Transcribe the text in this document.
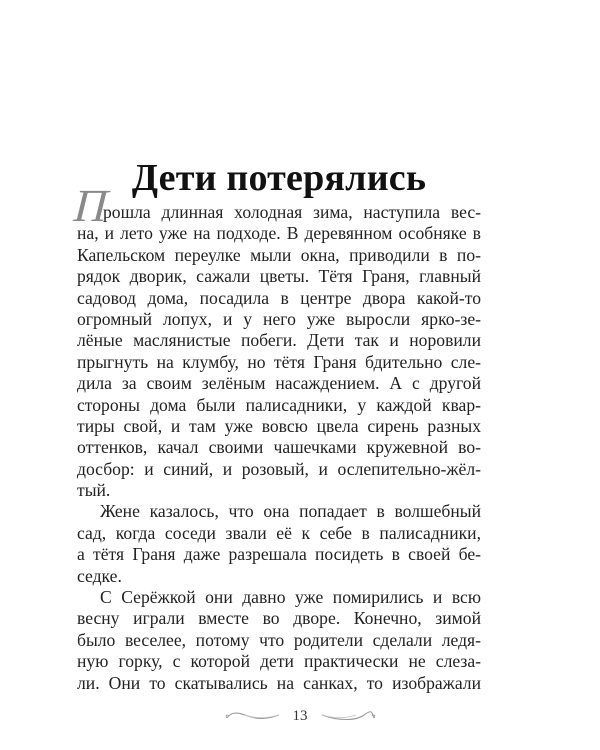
Дети потерялись
П
рошла длинная холодная зима, наступила вес-
на, и лето уже на подходе. В деревянном особняке в
Капельском переулке мыли окна, приводили в по-
рядок дворик, сажали цветы. Тётя Граня, главный
садовод дома, посадила в центре двора какой-то
огромный лопух, и у него уже выросли ярко-зе-
лёные маслянистые побеги. Дети так и норовили
прыгнуть на клумбу, но тётя Граня бдительно сле-
дила за своим зелёным насаждением. А с другой
стороны дома были палисадники, у каждой квар-
тиры свой, и там уже вовсю цвела сирень разных
оттенков, качал своими чашечками кружевной во-
досбор: и синий, и розовый, и ослепительно-жёл-
тый.
Жене казалось, что она попадает в волшебный
сад, когда соседи звали её к себе в палисадники,
а тётя Граня даже разрешала посидеть в своей бе-
седке.
С Серёжкой они давно уже помирились и всю
весну играли вместе во дворе. Конечно, зимой
было веселее, потому что родители сделали ледя-
ную горку, с которой дети практически не слеза-
ли. Они то скатывались на санках, то изображали
13
